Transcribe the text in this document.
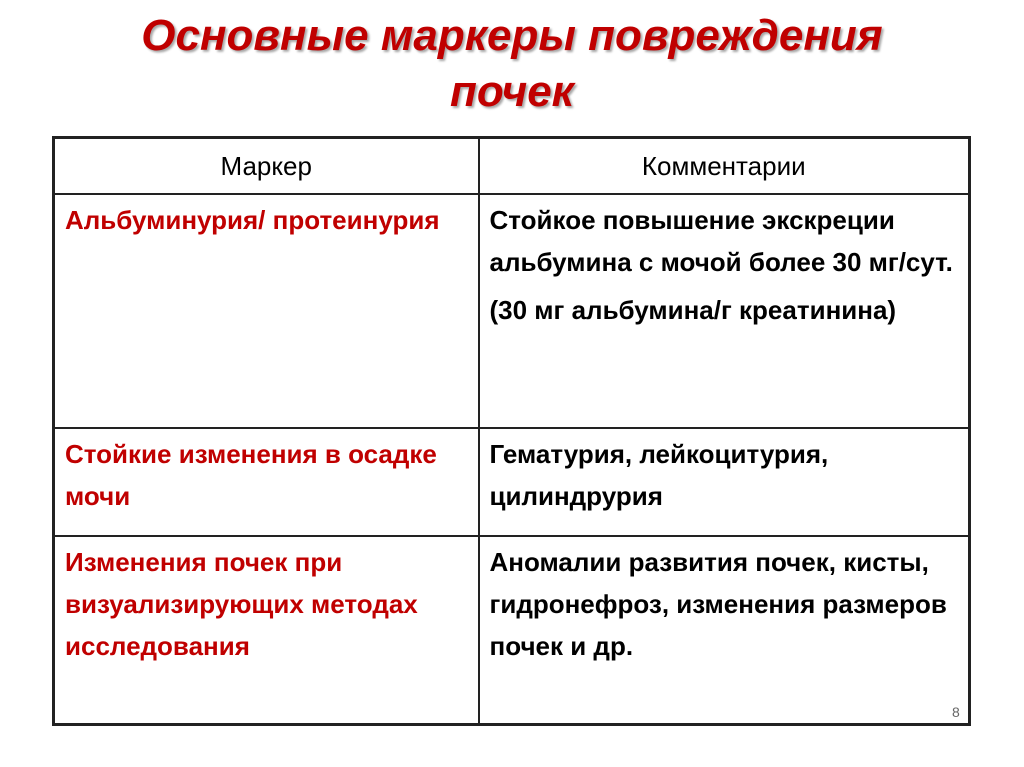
Основные маркеры повреждения
почек
Маркер	Комментарии

Альбуминурия/ протеинурия	Стойкое повышение экскреции альбумина с мочой более 30 мг/сут.
(30 мг альбумина/г креатинина)

Стойкие изменения в осадке мочи	Гематурия, лейкоцитурия, цилиндрурия

Изменения почек при визуализирующих методах исследования	Аномалии развития почек, кисты, гидронефроз, изменения размеров почек и др.
8
